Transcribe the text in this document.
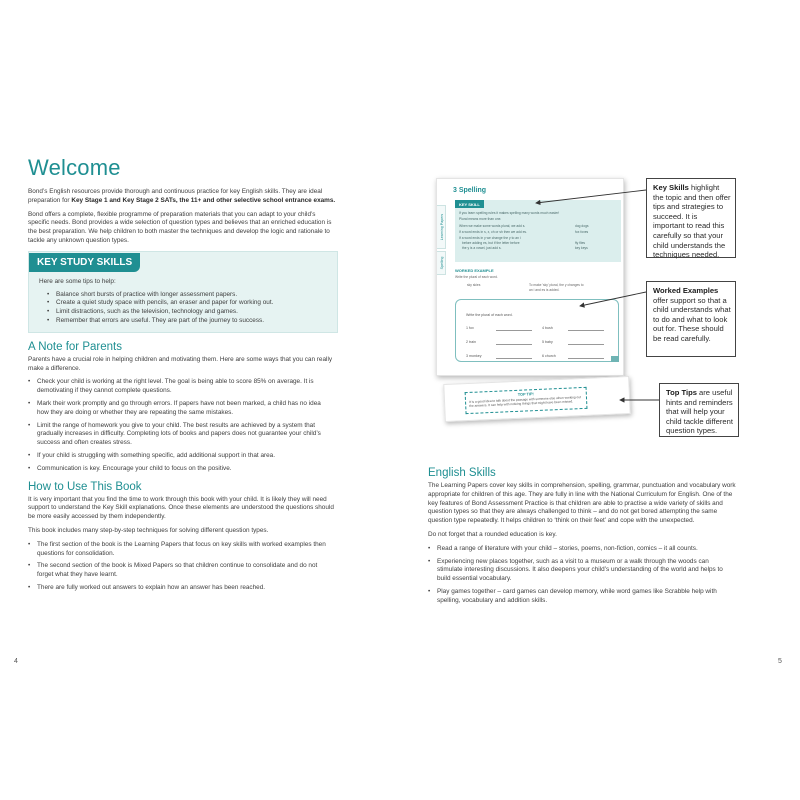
Welcome

Bond’s English resources provide thorough and continuous practice for key English skills. They are ideal preparation for Key Stage 1 and Key Stage 2 SATs, the 11+ and other selective school entrance exams.

Bond offers a complete, flexible programme of preparation materials that you can adapt to your child’s specific needs. Bond provides a wide selection of question types and believes that an enriched education is the best preparation. We help children to both master the techniques and develop the logic and rationale to tackle any unknown question types.

KEY STUDY SKILLS

Here are some tips to help:

• Balance short bursts of practice with longer assessment papers.
• Create a quiet study space with pencils, an eraser and paper for working out.
• Limit distractions, such as the television, technology and games.
• Remember that errors are useful. They are part of the journey to success.
A Note for Parents

Parents have a crucial role in helping children and motivating them. Here are some ways that you can really make a difference.

• Check your child is working at the right level. The goal is being able to score 85% on average. It is demotivating if they cannot complete questions.
• Mark their work promptly and go through errors. If papers have not been marked, a child has no idea how they are doing or whether they are repeating the same mistakes.
• Limit the range of homework you give to your child. The best results are achieved by a system that gradually increases in difficulty. Completing lots of books and papers does not guarantee your child’s success and often creates stress.
• If your child is struggling with something specific, add additional support in that area.
• Communication is key. Encourage your child to focus on the positive.
How to Use This Book

It is very important that you find the time to work through this book with your child. It is likely they will need support to understand the Key Skill explanations. Once these elements are understood the questions should be more easily accessed by them independently.

This book includes many step-by-step techniques for solving different question types.

• The first section of the book is the Learning Papers that focus on key skills with worked examples then questions for consolidation.
• The second section of the book is Mixed Papers so that children continue to consolidate and do not forget what they have learnt.
• There are fully worked out answers to explain how an answer has been reached.
4
Learning Papers
Spelling
3 Spelling
KEY SKILL
If you learn spelling rules it makes spelling many words much easier!
Plural means more than one.
When we make some words plural, we add s.
If a word ends in s, x, ch or sh then we add es.
If a word ends in y we change the y to an i
before adding es, but if the letter before
the y is a vowel, just add s.
dog dogs
fox foxes
fly flies
key keys
WORKED EXAMPLE
Write the plural of each word.
sky skies	To make 'sky' plural, the y changes to
an i and es is added.
Write the plural of each word.
1 fox
2 train
3 monkey
4 bush
5 baby
6 church
TOP TIP!
It is a good idea to talk about the passage with someone else when working out the answers. It can help with noticing things that might have been missed.
Key Skills highlight the topic and then offer tips and strategies to succeed. It is important to read this carefully so that your child understands the techniques needed.
Worked Examples offer support so that a child understands what to do and what to look out for. These should be read carefully.
Top Tips are useful hints and reminders that will help your child tackle different question types.
English Skills

The Learning Papers cover key skills in comprehension, spelling, grammar, punctuation and vocabulary work appropriate for children of this age. They are fully in line with the National Curriculum for English. One of the key features of Bond Assessment Practice is that children are able to practise a wide variety of skills and question types so that they are always challenged to think – and do not get bored attempting the same question type repeatedly. It helps children to ‘think on their feet’ and cope with the unexpected.

Do not forget that a rounded education is key.

• Read a range of literature with your child – stories, poems, non-fiction, comics – it all counts.
• Experiencing new places together, such as a visit to a museum or a walk through the woods can stimulate interesting discussions. It also deepens your child’s understanding of the world and helps to build essential vocabulary.
• Play games together – card games can develop memory, while word games like Scrabble help with spelling, vocabulary and addition skills.
5
